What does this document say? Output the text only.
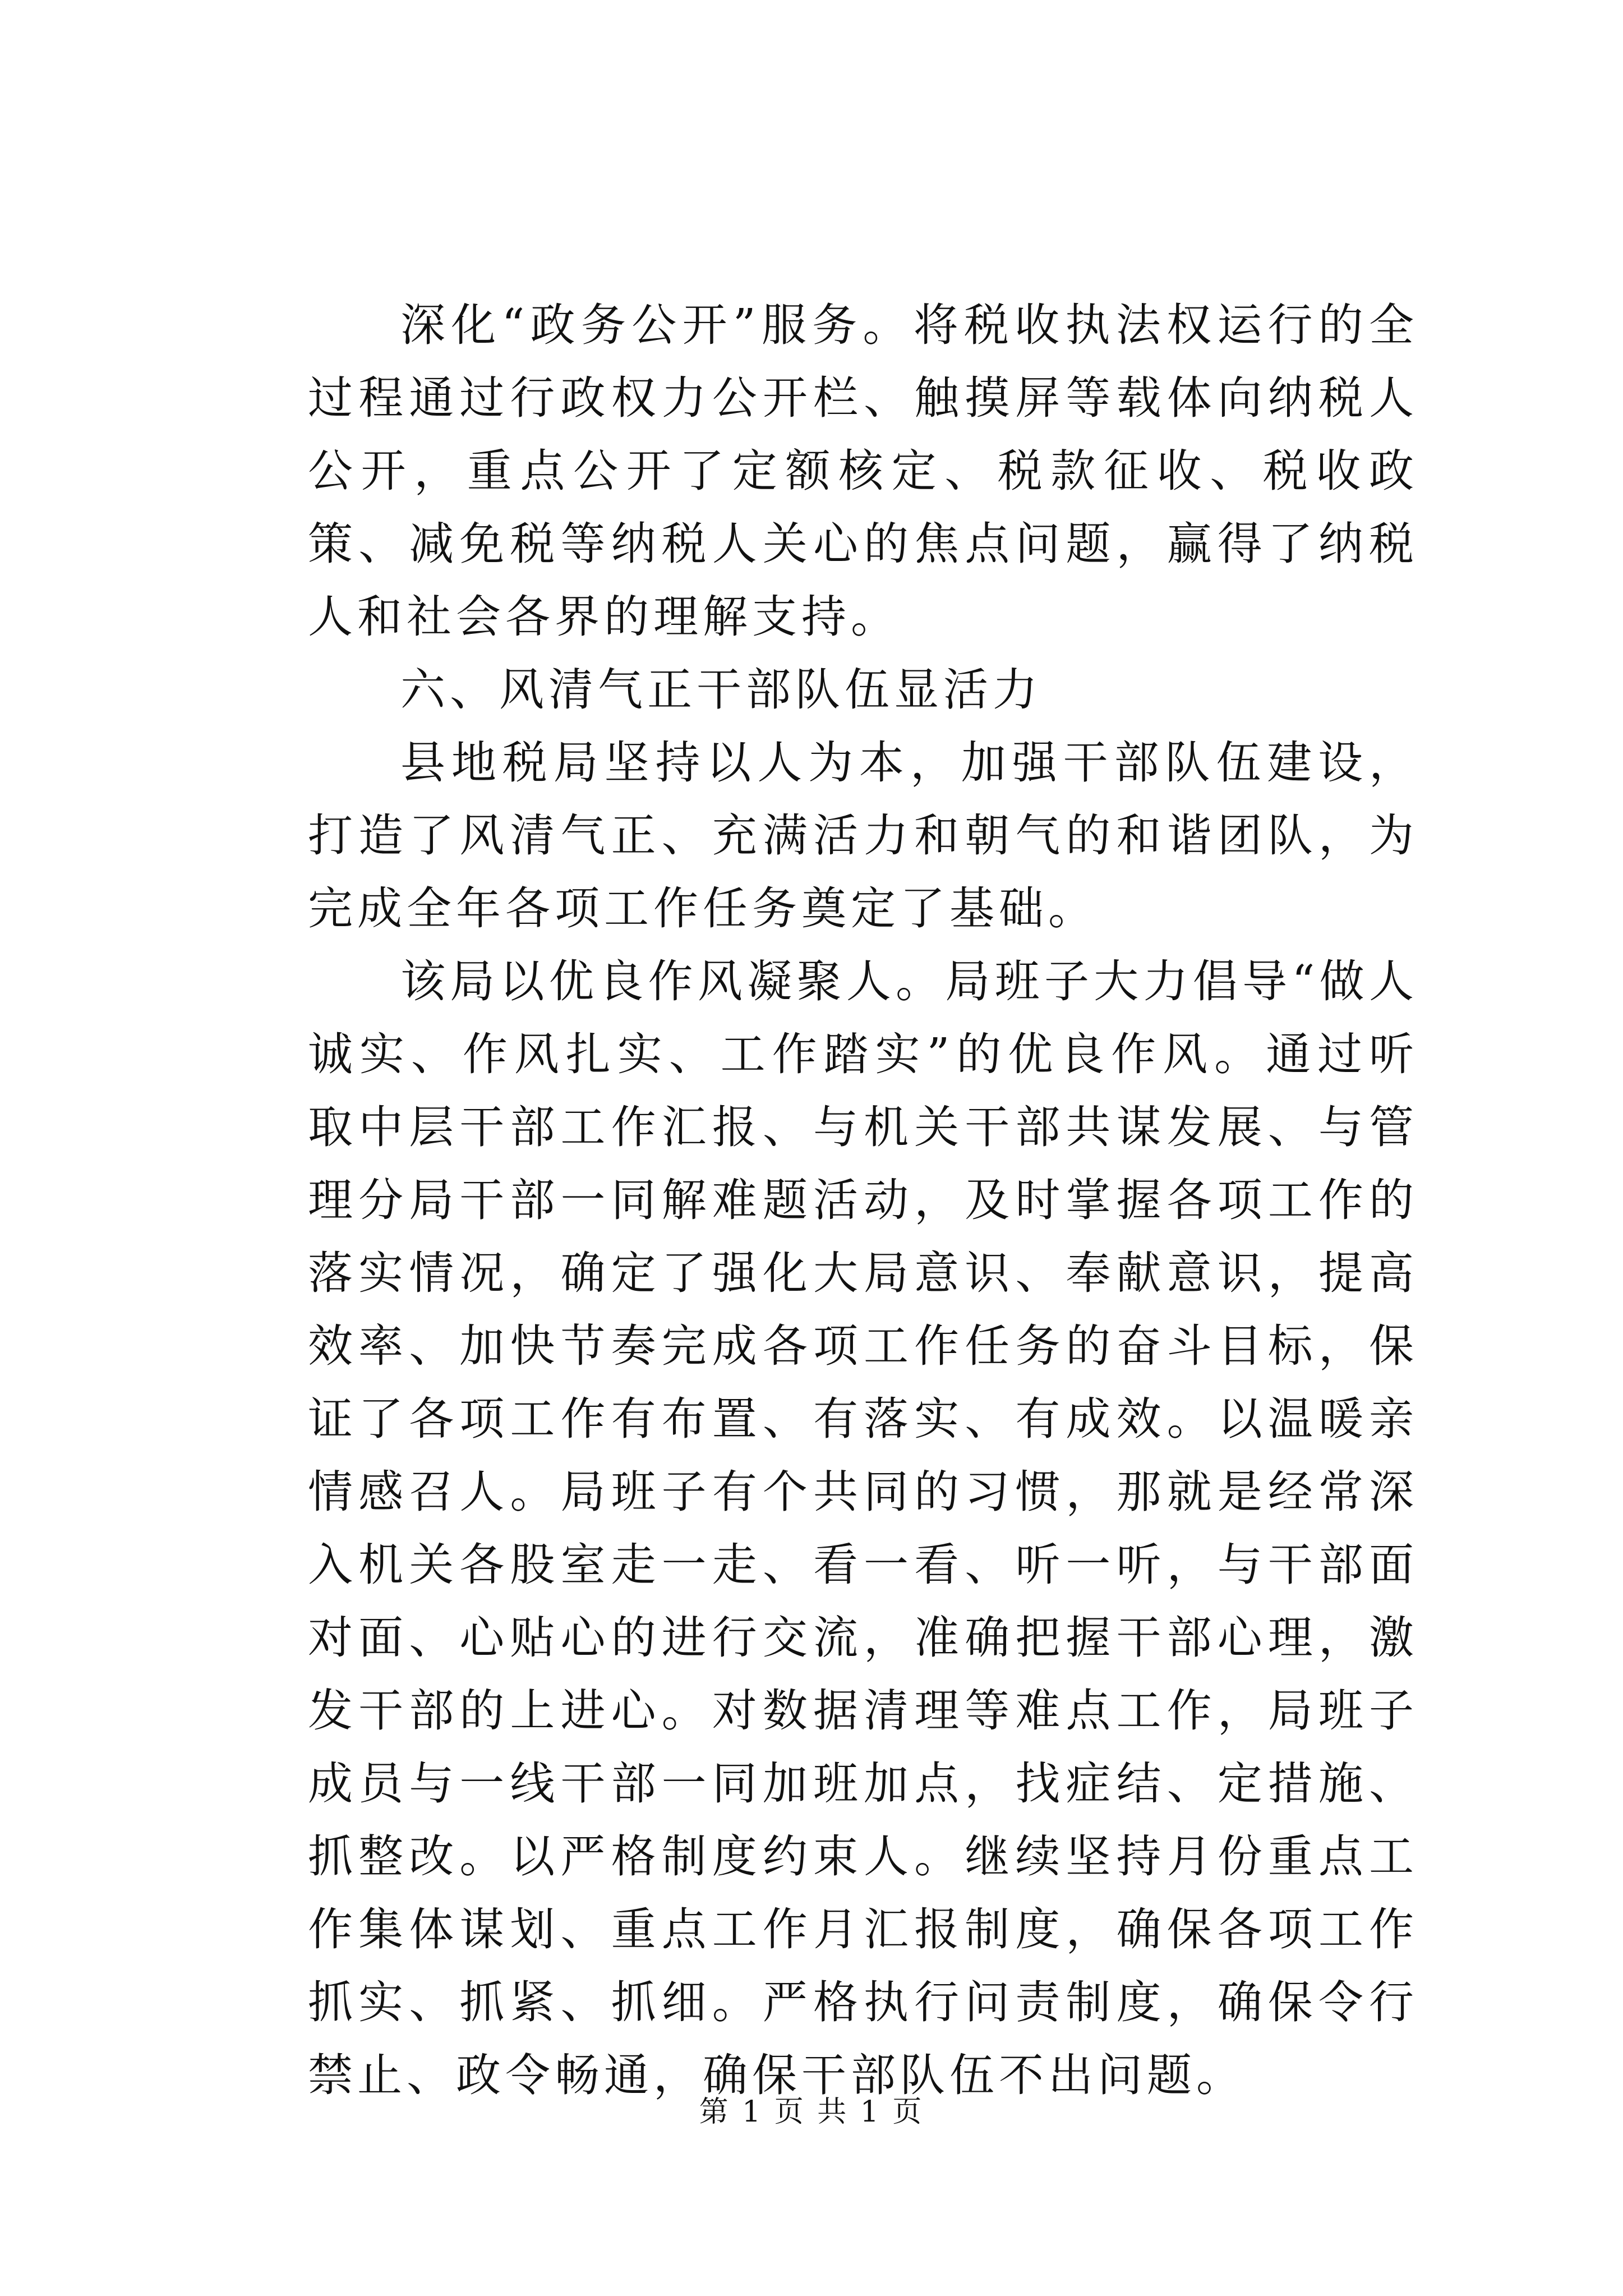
深化“政务公开”服务。将税收执法权运行的全过程通过行政权力公开栏、触摸屏等载体向纳税人公开，重点公开了定额核定、税款征收、税收政策、减免税等纳税人关心的焦点问题，赢得了纳税人和社会各界的理解支持。

六、风清气正干部队伍显活力

县地税局坚持以人为本，加强干部队伍建设，打造了风清气正、充满活力和朝气的和谐团队，为完成全年各项工作任务奠定了基础。

该局以优良作风凝聚人。局班子大力倡导“做人诚实、作风扎实、工作踏实”的优良作风。通过听取中层干部工作汇报、与机关干部共谋发展、与管理分局干部一同解难题活动，及时掌握各项工作的落实情况，确定了强化大局意识、奉献意识，提高效率、加快节奏完成各项工作任务的奋斗目标，保证了各项工作有布置、有落实、有成效。以温暖亲情感召人。局班子有个共同的习惯，那就是经常深入机关各股室走一走、看一看、听一听，与干部面对面、心贴心的进行交流，准确把握干部心理，激发干部的上进心。对数据清理等难点工作，局班子成员与一线干部一同加班加点，找症结、定措施、抓整改。以严格制度约束人。继续坚持月份重点工作集体谋划、重点工作月汇报制度，确保各项工作抓实、抓紧、抓细。严格执行问责制度，确保令行禁止、政令畅通，确保干部队伍不出问题。

第 1 页 共 1 页
